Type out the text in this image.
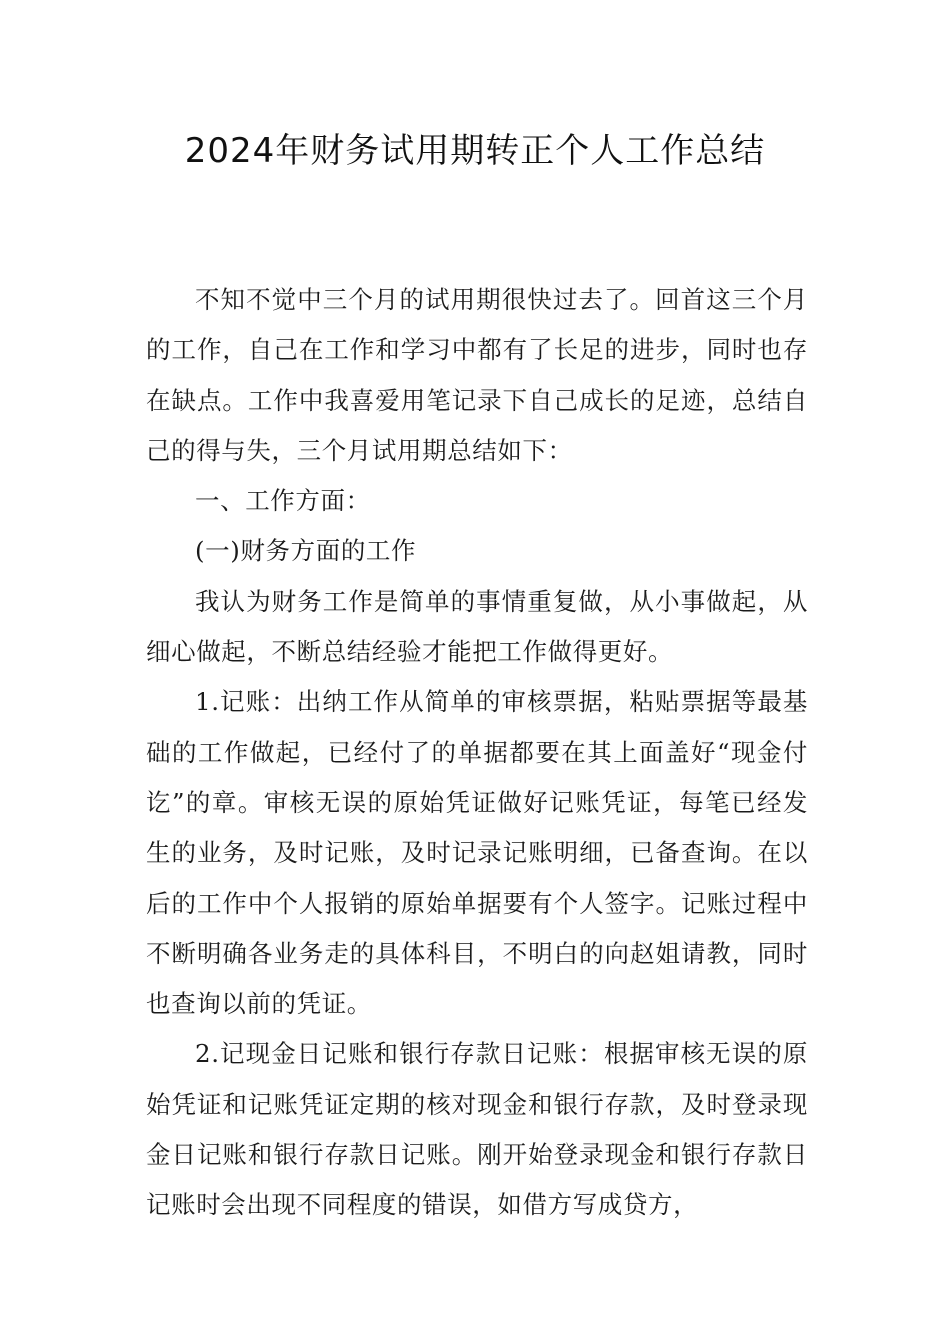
2024年财务试用期转正个人工作总结

不知不觉中三个月的试用期很快过去了。回首这三个月的工作，自己在工作和学习中都有了长足的进步，同时也存在缺点。工作中我喜爱用笔记录下自己成长的足迹，总结自己的得与失，三个月试用期总结如下：

一、工作方面：

(一)财务方面的工作

我认为财务工作是简单的事情重复做，从小事做起，从细心做起，不断总结经验才能把工作做得更好。

1.记账：出纳工作从简单的审核票据，粘贴票据等最基础的工作做起，已经付了的单据都要在其上面盖好“现金付讫”的章。审核无误的原始凭证做好记账凭证，每笔已经发生的业务，及时记账，及时记录记账明细，已备查询。在以后的工作中个人报销的原始单据要有个人签字。记账过程中不断明确各业务走的具体科目，不明白的向赵姐请教，同时也查询以前的凭证。

2.记现金日记账和银行存款日记账：根据审核无误的原始凭证和记账凭证定期的核对现金和银行存款，及时登录现金日记账和银行存款日记账。刚开始登录现金和银行存款日记账时会出现不同程度的错误，如借方写成贷方，
